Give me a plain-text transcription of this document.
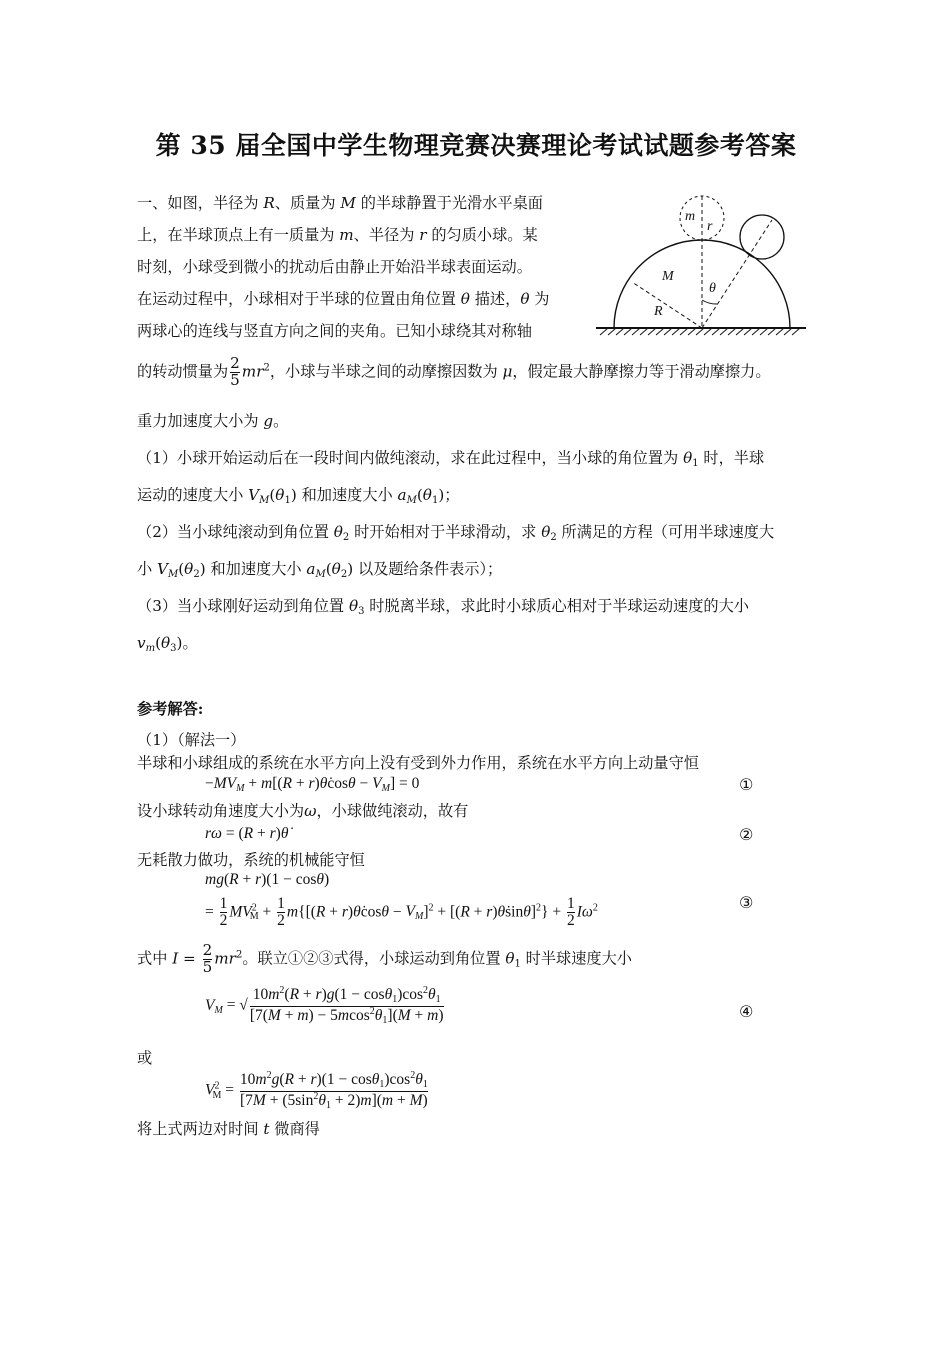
第 35 届全国中学生物理竞赛决赛理论考试试题参考答案
一、如图，半径为 R、质量为 M 的半球静置于光滑水平桌面
上，在半球顶点上有一质量为 m、半径为 r 的匀质小球。某
时刻，小球受到微小的扰动后由静止开始沿半球表面运动。
在运动过程中，小球相对于半球的位置由角位置 θ 描述，θ 为
两球心的连线与竖直方向之间的夹角。已知小球绕其对称轴
的转动惯量为 $\frac{2}{5} mr^2$，小球与半球之间的动摩擦因数为 μ，假定最大静摩擦力等于滑动摩擦力。
重力加速度大小为 g。
（1）小球开始运动后在一段时间内做纯滚动，求在此过程中，当小球的角位置为 $\theta_1$ 时，半球
运动的速度大小 $V_M(\theta_1)$ 和加速度大小 $a_M(\theta_1)$；
（2）当小球纯滚动到角位置 $\theta_2$ 时开始相对于半球滑动，求 $\theta_2$ 所满足的方程（可用半球速度大
小 $V_M(\theta_2)$ 和加速度大小 $a_M(\theta_2)$ 以及题给条件表示）；
（3）当小球刚好运动到角位置 $\theta_3$ 时脱离半球，求此时小球质心相对于半球运动速度的大小
$v_m(\theta_3)$。
M
R
m
r
θ
参考解答:
（1）（解法一）
半球和小球组成的系统在水平方向上没有受到外力作用，系统在水平方向上动量守恒
$-MV_M + m[(R$ + r)θ̇cosθ − $V_M] = 0$	①
设小球转动角速度大小为ω，小球做纯滚动，故有
rω = (R + r)θ̇	②
无耗散力做功，系统的机械能守恒
mg(R + r)(1 − cosθ)
= $\frac{1}{2} MV^2_M + \frac{1}{2} m\{[(R$ + r)θ̇cosθ − $V_M]^2 + [(R$ + r)θ̇sinθ]$^2$} + $\frac{1}{2} I\omega^2$	③
式中 $I = \frac{2}{5} mr^2$。联立①②③式得，小球运动到角位置 $\theta_1$ 时半球速度大小
$V_M$ = √ $\frac{10m^2(R + r)g(1 - \cos\theta_1)\cos^2\theta_1}{[7(M + m) - 5mcos^2\theta_1](M + m)}$	④
或
$V^2_M = \frac{10m^2g(R + r)(1 - \cos\theta_1)\cos^2\theta_1}{[7M + (5\sin^2\theta_1 + 2)m](m + M)}$
将上式两边对时间 t 微商得
